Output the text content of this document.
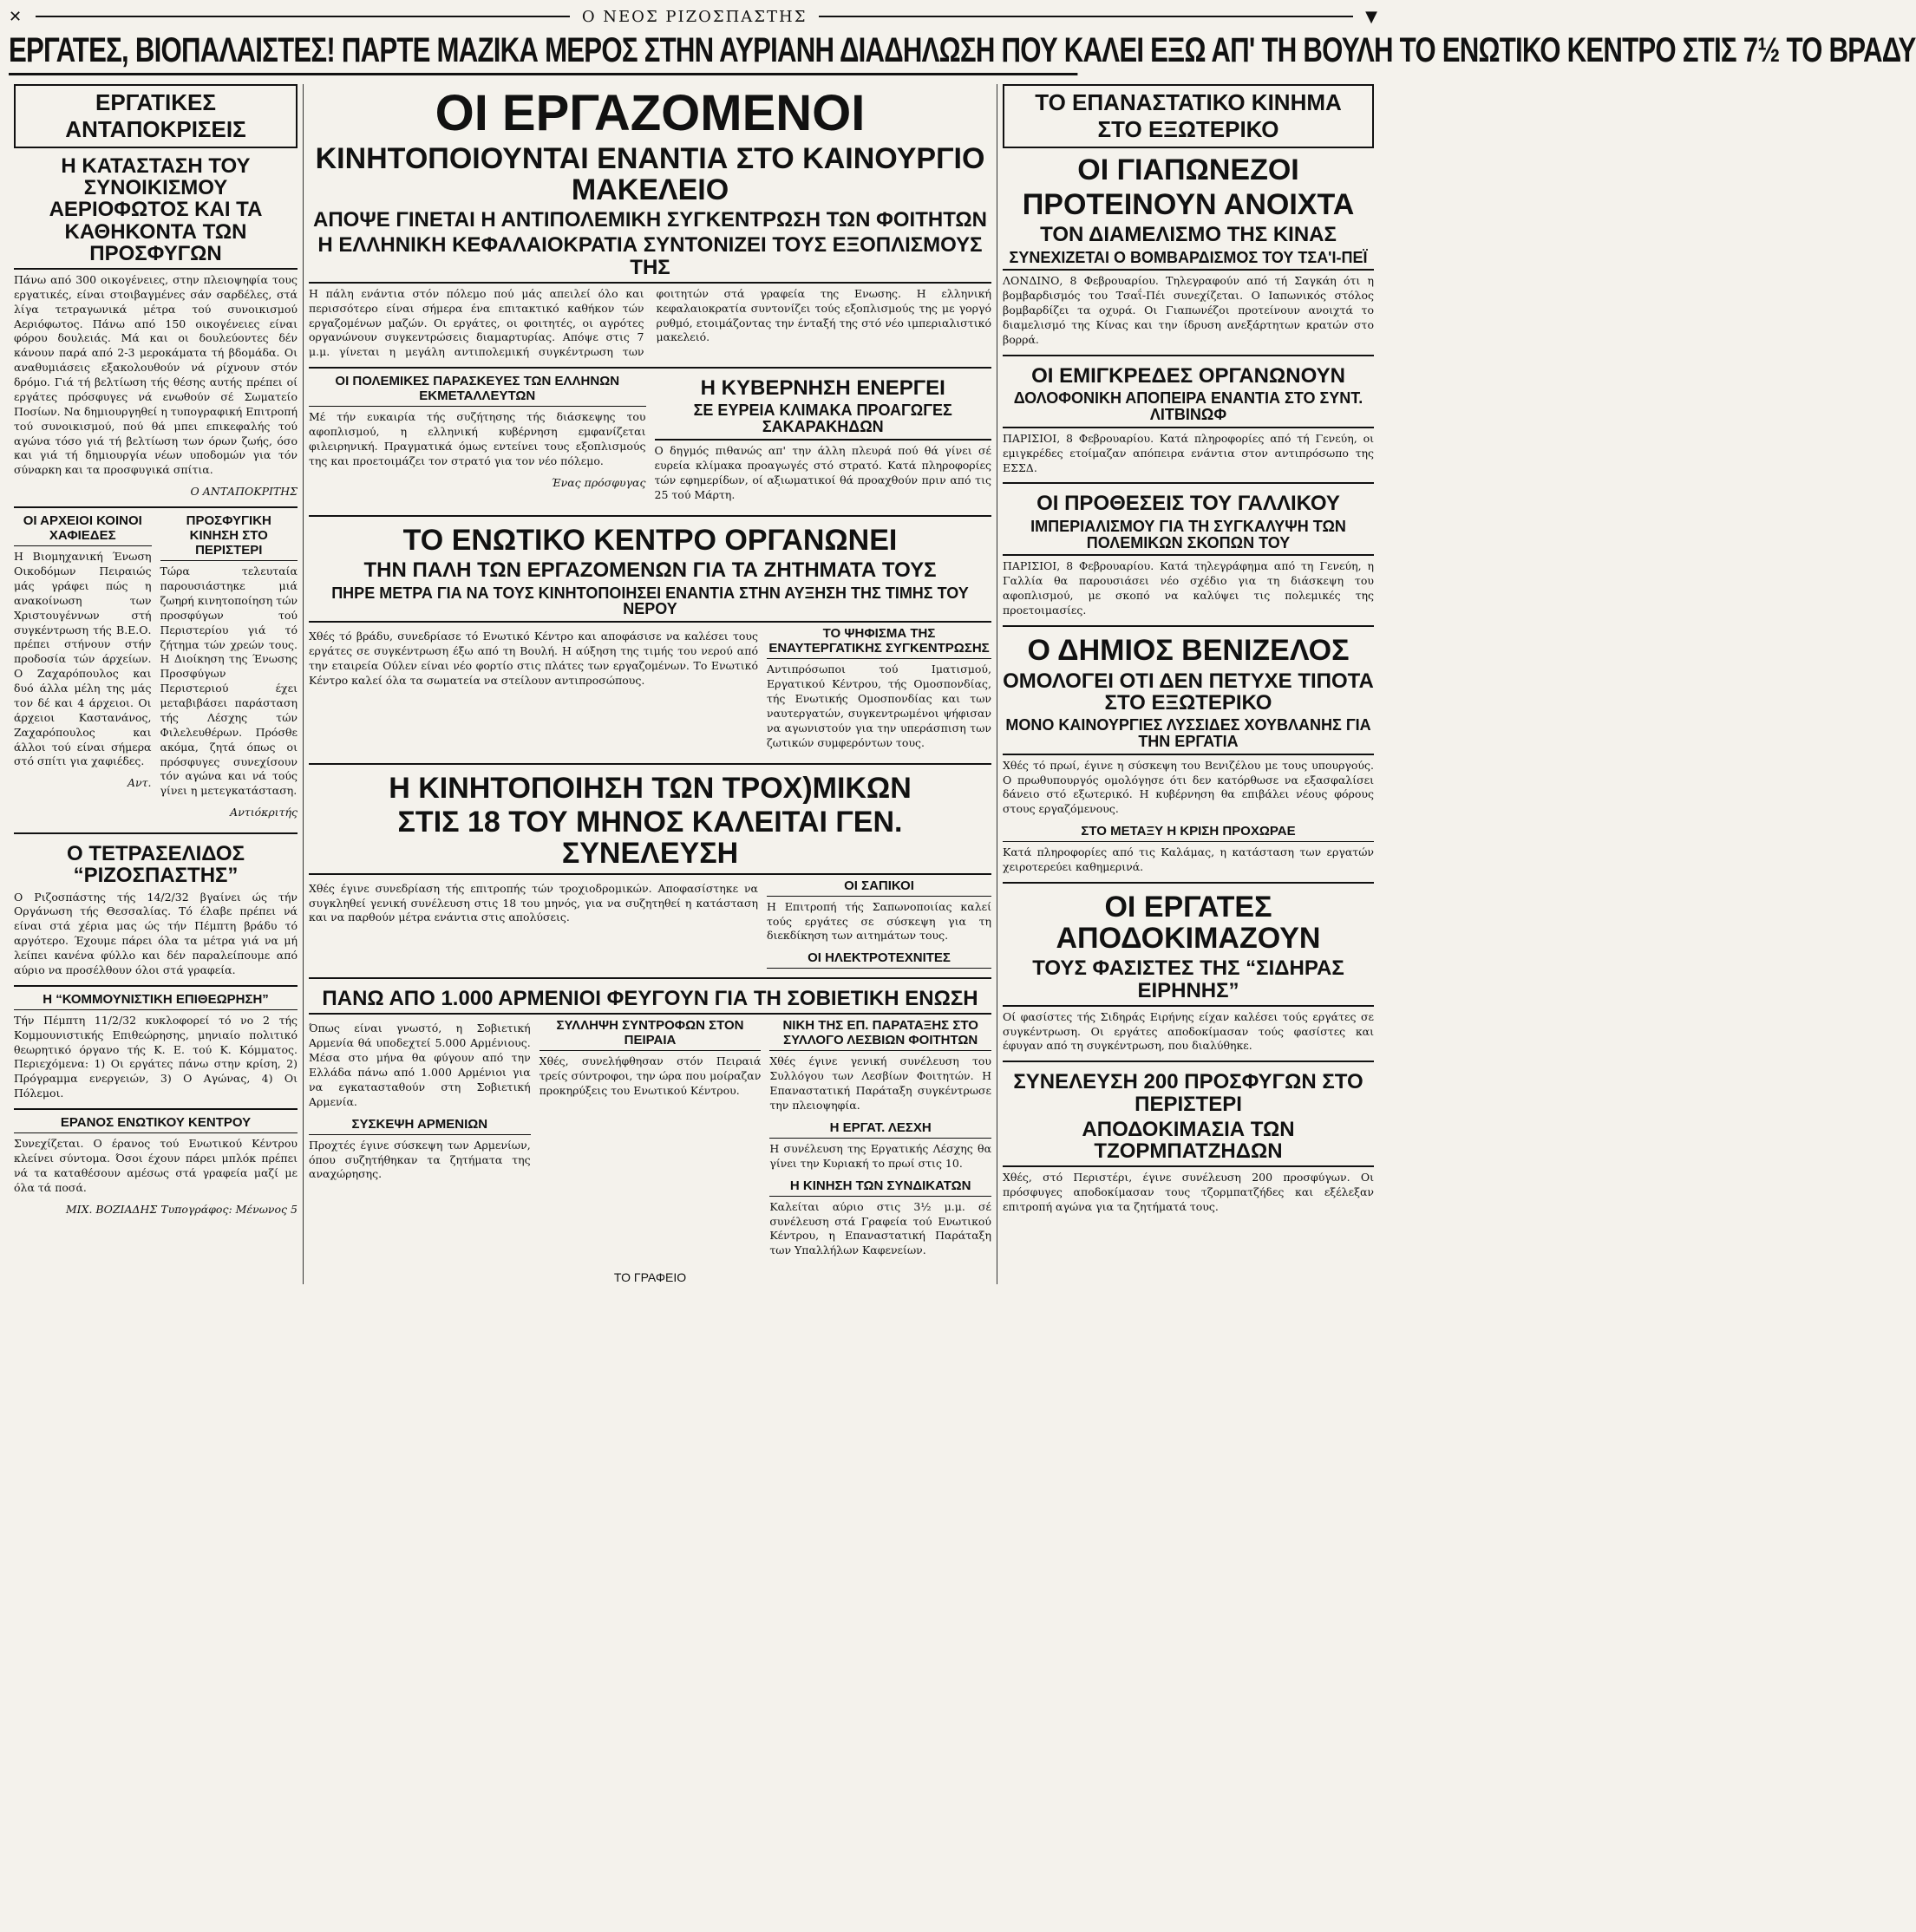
✕	Ο ΝΕΟΣ ΡΙΖΟΣΠΑΣΤΗΣ	▼
ΕΡΓΑΤΕΣ, ΒΙΟΠΑΛΑΙΣΤΕΣ! ΠΑΡΤΕ ΜΑΖΙΚΑ ΜΕΡΟΣ ΣΤΗΝ ΑΥΡΙΑΝΗ ΔΙΑΔΗΛΩΣΗ ΠΟΥ ΚΑΛΕΙ ΕΞΩ ΑΠ' ΤΗ ΒΟΥΛΗ ΤΟ ΕΝΩΤΙΚΟ ΚΕΝΤΡΟ ΣΤΙΣ 7½ ΤΟ ΒΡΑΔΥ
ΕΡΓΑΤΙΚΕΣ ΑΝΤΑΠΟΚΡΙΣΕΙΣ
Η ΚΑΤΑΣΤΑΣΗ ΤΟΥ ΣΥΝΟΙΚΙΣΜΟΥ ΑΕΡΙΟΦΩΤΟΣ ΚΑΙ ΤΑ ΚΑΘΗΚΟΝΤΑ ΤΩΝ ΠΡΟΣΦΥΓΩΝ
Πάνω από 300 οικογένειες, στην πλειοψηφία τους εργατικές, είναι στοιβαγμένες σάν σαρδέλες, στά λίγα τετραγωνικά μέτρα τού συνοικισμού Αεριόφωτος. Πάνω από 150 οικογένειες είναι φόρου δουλειάς. Μά και οι δουλεύοντες δέν κάνουν παρά από 2-3 μεροκάματα τή βδομάδα. Οι αναθυμιάσεις εξακολουθούν νά ρίχνουν στόν δρόμο. Γιά τή βελτίωση τής θέσης αυτής πρέπει οί εργάτες πρόσφυγες νά ενωθούν σέ Σωματείο Ποσίων. Να δημιουργηθεί η τυπογραφική Επιτροπή τού συνοικισμού, πού θά μπει επικεφαλής τού αγώνα τόσο γιά τή βελτίωση των όρων ζωής, όσο και γιά τή δημιουργία νέων υποδομών για τόν σύναρκη και τα προσφυγικά σπίτια.
Ο ΑΝΤΑΠΟΚΡΙΤΗΣ
ΟΙ ΑΡΧΕΙΟΙ ΚΟΙΝΟΙ ΧΑΦΙΕΔΕΣ
Η Βιομηχανική Ένωση Οικοδόμων Πειραιώς μάς γράφει πώς η ανακοίνωση των Χριστουγέννων στή συγκέντρωση τής Β.Ε.Ο. πρέπει στήνουν στήν προδοσία τών άρχείων. Ο Ζαχαρόπουλος και δυό άλλα μέλη της μάς τον δέ και 4 άρχειοι. Οι άρχειοι Καστανάνος, Ζαχαρόπουλος και άλλοι τού είναι σήμερα στό σπίτι για χαφιέδες.
Αντ.
ΠΡΟΣΦΥΓΙΚΗ ΚΙΝΗΣΗ ΣΤΟ ΠΕΡΙΣΤΕΡΙ
Τώρα τελευταία παρουσιάστηκε μιά ζωηρή κινητοποίηση τών προσφύγων τού Περιστερίου γιά τό ζήτημα τών χρεών τους. Η Διοίκηση της Ένωσης Προσφύγων Περιστεριού έχει μεταβιβάσει παράσταση τής Λέσχης τών Φιλελευθέρων. Πρόσθε ακόμα, ζητά όπως οι πρόσφυγες συνεχίσουν τόν αγώνα και νά τούς γίνει η μετεγκατάσταση.
Αντιόκριτής
Ο ΤΕΤΡΑΣΕΛΙΔΟΣ “ΡΙΖΟΣΠΑΣΤΗΣ”
Ο Ριζοσπάστης τής 14/2/32 βγαίνει ώς τήν Οργάνωση τής Θεσσαλίας. Τό έλαβε πρέπει νά είναι στά χέρια μας ώς τήν Πέμπτη βράδυ τό αργότερο. Έχουμε πάρει όλα τα μέτρα γιά να μή λείπει κανένα φύλλο και δέν παραλείπουμε από αύριο να προσέλθουν όλοι στά γραφεία.
Η “ΚΟΜΜΟΥΝΙΣΤΙΚΗ ΕΠΙΘΕΩΡΗΣΗ”
Τήν Πέμπτη 11/2/32 κυκλοφορεί τό νο 2 τής Κομμουνιστικής Επιθεώρησης, μηνιαίο πολιτικό θεωρητικό όργανο τής Κ. Ε. τού Κ. Κόμματος. Περιεχόμενα: 1) Οι εργάτες πάνω στην κρίση, 2) Πρόγραμμα ενεργειών, 3) Ο Αγώνας, 4) Οι Πόλεμοι.
ΕΡΑΝΟΣ ΕΝΩΤΙΚΟΥ ΚΕΝΤΡΟΥ
Συνεχίζεται. Ο έρανος τού Ενωτικού Κέντρου κλείνει σύντομα. Όσοι έχουν πάρει μπλόκ πρέπει νά τα καταθέσουν αμέσως στά γραφεία μαζί με όλα τά ποσά.
ΜΙΧ. ΒΟΖΙΑΔΗΣ Τυπογράφος: Μένωνος 5
ΟΙ ΕΡΓΑΖΟΜΕΝΟΙ
ΚΙΝΗΤΟΠΟΙΟΥΝΤΑΙ ΕΝΑΝΤΙΑ ΣΤΟ ΚΑΙΝΟΥΡΓΙΟ ΜΑΚΕΛΕΙΟ
ΑΠΟΨΕ ΓΙΝΕΤΑΙ Η ΑΝΤΙΠΟΛΕΜΙΚΗ ΣΥΓΚΕΝΤΡΩΣΗ ΤΩΝ ΦΟΙΤΗΤΩΝ
Η ΕΛΛΗΝΙΚΗ ΚΕΦΑΛΑΙΟΚΡΑΤΙΑ ΣΥΝΤΟΝΙΖΕΙ ΤΟΥΣ ΕΞΟΠΛΙΣΜΟΥΣ ΤΗΣ
Η πάλη ενάντια στόν πόλεμο πού μάς απειλεί όλο και περισσότερο είναι σήμερα ένα επιτακτικό καθήκον τών εργαζομένων μαζών. Οι εργάτες, οι φοιτητές, οι αγρότες οργανώνουν συγκεντρώσεις διαμαρτυρίας. Απόψε στις 7 μ.μ. γίνεται η μεγάλη αντιπολεμική συγκέντρωση των φοιτητών στά γραφεία της Ενωσης. Η ελληνική κεφαλαιοκρατία συντονίζει τούς εξοπλισμούς της με γοργό ρυθμό, ετοιμάζοντας την ένταξή της στό νέο ιμπεριαλιστικό μακελειό.
ΟΙ ΠΟΛΕΜΙΚΕΣ ΠΑΡΑΣΚΕΥΕΣ ΤΩΝ ΕΛΛΗΝΩΝ ΕΚΜΕΤΑΛΛΕΥΤΩΝ
Μέ τήν ευκαιρία τής συζήτησης τής διάσκεψης του αφοπλισμού, η ελληνική κυβέρνηση εμφανίζεται φιλειρηνική. Πραγματικά όμως εντείνει τους εξοπλισμούς της και προετοιμάζει τον στρατό για τον νέο πόλεμο.
Ένας πρόσφυγας
Η ΚΥΒΕΡΝΗΣΗ ΕΝΕΡΓΕΙ
ΣΕ ΕΥΡΕΙΑ ΚΛΙΜΑΚΑ ΠΡΟΑΓΩΓΕΣ ΣΑΚΑΡΑΚΗΔΩΝ
Ο δηγμός πιθανώς απ' την άλλη πλευρά πού θά γίνει σέ ευρεία κλίμακα προαγωγές στό στρατό. Κατά πληροφορίες τών εφημερίδων, οί αξιωματικοί θά προαχθούν πριν από τις 25 τού Μάρτη.
ΤΟ ΕΝΩΤΙΚΟ ΚΕΝΤΡΟ ΟΡΓΑΝΩΝΕΙ
ΤΗΝ ΠΑΛΗ ΤΩΝ ΕΡΓΑΖΟΜΕΝΩΝ ΓΙΑ ΤΑ ΖΗΤΗΜΑΤΑ ΤΟΥΣ
ΠΗΡΕ ΜΕΤΡΑ ΓΙΑ ΝΑ ΤΟΥΣ ΚΙΝΗΤΟΠΟΙΗΣΕΙ ΕΝΑΝΤΙΑ ΣΤΗΝ ΑΥΞΗΣΗ ΤΗΣ ΤΙΜΗΣ ΤΟΥ ΝΕΡΟΥ
Χθές τό βράδυ, συνεδρίασε τό Ενωτικό Κέντρο και αποφάσισε να καλέσει τους εργάτες σε συγκέντρωση έξω από τη Βουλή. Η αύξηση της τιμής του νερού από την εταιρεία Ούλεν είναι νέο φορτίο στις πλάτες των εργαζομένων. Το Ενωτικό Κέντρο καλεί όλα τα σωματεία να στείλουν αντιπροσώπους.
ΤΟ ΨΗΦΙΣΜΑ ΤΗΣ ΕΝΑΥΤΕΡΓΑΤΙΚΗΣ ΣΥΓΚΕΝΤΡΩΣΗΣ
Αντιπρόσωποι τού Ιματισμού, Εργατικού Κέντρου, τής Ομοσπονδίας, τής Ενωτικής Ομοσπονδίας και των ναυτεργατών, συγκεντρωμένοι ψήφισαν να αγωνιστούν για την υπεράσπιση των ζωτικών συμφερόντων τους.
Η ΚΙΝΗΤΟΠΟΙΗΣΗ ΤΩΝ ΤΡΟΧ)ΜΙΚΩΝ
ΣΤΙΣ 18 ΤΟΥ ΜΗΝΟΣ ΚΑΛΕΙΤΑΙ ΓΕΝ. ΣΥΝΕΛΕΥΣΗ
Χθές έγινε συνεδρίαση τής επιτροπής τών τροχιοδρομικών. Αποφασίστηκε να συγκληθεί γενική συνέλευση στις 18 του μηνός, για να συζητηθεί η κατάσταση και να παρθούν μέτρα ενάντια στις απολύσεις.
ΟΙ ΣΑΠΙΚΟΙ
Η Επιτροπή τής Σαπωνοποιίας καλεί τούς εργάτες σε σύσκεψη για τη διεκδίκηση των αιτημάτων τους.
ΟΙ ΗΛΕΚΤΡΟΤΕΧΝΙΤΕΣ
ΠΑΝΩ ΑΠΟ 1.000 ΑΡΜΕΝΙΟΙ ΦΕΥΓΟΥΝ ΓΙΑ ΤΗ ΣΟΒΙΕΤΙΚΗ ΕΝΩΣΗ
Όπως είναι γνωστό, η Σοβιετική Αρμενία θά υποδεχτεί 5.000 Αρμένιους. Μέσα στο μήνα θα φύγουν από την Ελλάδα πάνω από 1.000 Αρμένιοι για να εγκατασταθούν στη Σοβιετική Αρμενία.
ΣΥΣΚΕΨΗ ΑΡΜΕΝΙΩΝ
Προχτές έγινε σύσκεψη των Αρμενίων, όπου συζητήθηκαν τα ζητήματα της αναχώρησης.
ΣΥΛΛΗΨΗ ΣΥΝΤΡΟΦΩΝ ΣΤΟΝ ΠΕΙΡΑΙΑ
Χθές, συνελήφθησαν στόν Πειραιά τρείς σύντροφοι, την ώρα που μοίραζαν προκηρύξεις του Ενωτικού Κέντρου.
ΝΙΚΗ ΤΗΣ ΕΠ. ΠΑΡΑΤΑΞΗΣ ΣΤΟ ΣΥΛΛΟΓΟ ΛΕΣΒΙΩΝ ΦΟΙΤΗΤΩΝ
Χθές έγινε γενική συνέλευση του Συλλόγου των Λεσβίων Φοιτητών. Η Επαναστατική Παράταξη συγκέντρωσε την πλειοψηφία.
Η ΕΡΓΑΤ. ΛΕΣΧΗ
Η συνέλευση της Εργατικής Λέσχης θα γίνει την Κυριακή το πρωί στις 10.
Η ΚΙΝΗΣΗ ΤΩΝ ΣΥΝΔΙΚΑΤΩΝ
Καλείται αύριο στις 3½ μ.μ. σέ συνέλευση στά Γραφεία τού Ενωτικού Κέντρου, η Επαναστατική Παράταξη των Υπαλλήλων Καφενείων.
ΤΟ ΓΡΑΦΕΙΟ
ΤΟ ΕΠΑΝΑΣΤΑΤΙΚΟ ΚΙΝΗΜΑ ΣΤΟ ΕΞΩΤΕΡΙΚΟ
ΟΙ ΓΙΑΠΩΝΕΖΟΙ
ΠΡΟΤΕΙΝΟΥΝ ΑΝΟΙΧΤΑ
ΤΟΝ ΔΙΑΜΕΛΙΣΜΟ ΤΗΣ ΚΙΝΑΣ
ΣΥΝΕΧΙΖΕΤΑΙ Ο ΒΟΜΒΑΡΔΙΣΜΟΣ ΤΟΥ ΤΣΑ'Ι-ΠΕΪ
ΛΟΝΔΙΝΟ, 8 Φεβρουαρίου. Τηλεγραφούν από τή Σαγκάη ότι η βομβαρδισμός του Τσαΐ-Πέι συνεχίζεται. Ο Ιαπωνικός στόλος βομβαρδίζει τα οχυρά. Οι Γιαπωνέζοι προτείνουν ανοιχτά το διαμελισμό της Κίνας και την ίδρυση ανεξάρτητων κρατών στο βορρά.
ΟΙ ΕΜΙΓΚΡΕΔΕΣ ΟΡΓΑΝΩΝΟΥΝ
ΔΟΛΟΦΟΝΙΚΗ ΑΠΟΠΕΙΡΑ ΕΝΑΝΤΙΑ ΣΤΟ ΣΥΝΤ. ΛΙΤΒΙΝΩΦ
ΠΑΡΙΣΙΟΙ, 8 Φεβρουαρίου. Κατά πληροφορίες από τή Γενεύη, οι εμιγκρέδες ετοίμαζαν απόπειρα ενάντια στον αντιπρόσωπο της ΕΣΣΔ.
ΟΙ ΠΡΟΘΕΣΕΙΣ ΤΟΥ ΓΑΛΛΙΚΟΥ
ΙΜΠΕΡΙΑΛΙΣΜΟΥ ΓΙΑ ΤΗ ΣΥΓΚΑΛΥΨΗ ΤΩΝ ΠΟΛΕΜΙΚΩΝ ΣΚΟΠΩΝ ΤΟΥ
ΠΑΡΙΣΙΟΙ, 8 Φεβρουαρίου. Κατά τηλεγράφημα από τη Γενεύη, η Γαλλία θα παρουσιάσει νέο σχέδιο για τη διάσκεψη του αφοπλισμού, με σκοπό να καλύψει τις πολεμικές της προετοιμασίες.
Ο ΔΗΜΙΟΣ ΒΕΝΙΖΕΛΟΣ
ΟΜΟΛΟΓΕΙ ΟΤΙ ΔΕΝ ΠΕΤΥΧΕ ΤΙΠΟΤΑ ΣΤΟ ΕΞΩΤΕΡΙΚΟ
ΜΟΝΟ ΚΑΙΝΟΥΡΓΙΕΣ ΛΥΣΣΙΔΕΣ ΧΟΥΒΛΑΝΗΣ ΓΙΑ ΤΗΝ ΕΡΓΑΤΙΑ
Χθές τό πρωί, έγινε η σύσκεψη του Βενιζέλου με τους υπουργούς. Ο πρωθυπουργός ομολόγησε ότι δεν κατόρθωσε να εξασφαλίσει δάνειο στό εξωτερικό. Η κυβέρνηση θα επιβάλει νέους φόρους στους εργαζόμενους.
ΣΤΟ ΜΕΤΑΞΥ Η ΚΡΙΣΗ ΠΡΟΧΩΡΑΕ
Κατά πληροφορίες από τις Καλάμας, η κατάσταση των εργατών χειροτερεύει καθημερινά.
ΟΙ ΕΡΓΑΤΕΣ ΑΠΟΔΟΚΙΜΑΖΟΥΝ
ΤΟΥΣ ΦΑΣΙΣΤΕΣ ΤΗΣ “ΣΙΔΗΡΑΣ ΕΙΡΗΝΗΣ”
Οί φασίστες τής Σιδηράς Ειρήνης είχαν καλέσει τούς εργάτες σε συγκέντρωση. Οι εργάτες αποδοκίμασαν τούς φασίστες και έφυγαν από τη συγκέντρωση, που διαλύθηκε.
ΣΥΝΕΛΕΥΣΗ 200 ΠΡΟΣΦΥΓΩΝ ΣΤΟ ΠΕΡΙΣΤΕΡΙ
ΑΠΟΔΟΚΙΜΑΣΙΑ ΤΩΝ ΤΖΟΡΜΠΑΤΖΗΔΩΝ
Χθές, στό Περιστέρι, έγινε συνέλευση 200 προσφύγων. Οι πρόσφυγες αποδοκίμασαν τους τζορμπατζήδες και εξέλεξαν επιτροπή αγώνα για τα ζητήματά τους.
